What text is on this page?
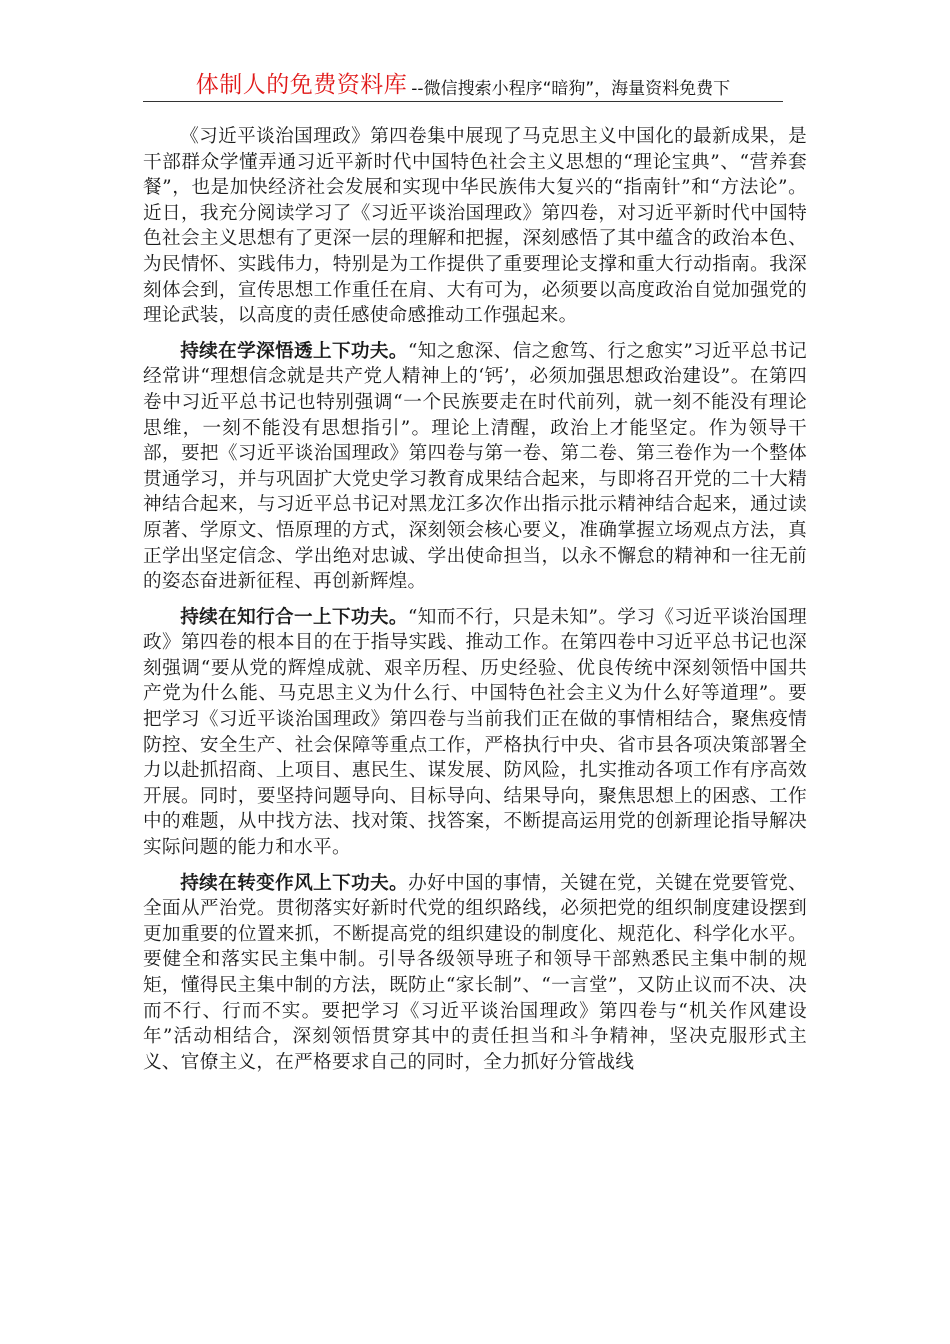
体制人的免费资料库 --微信搜索小程序“暗狗”，海量资料免费下

《习近平谈治国理政》第四卷集中展现了马克思主义中国化的最新成果，是干部群众学懂弄通习近平新时代中国特色社会主义思想的“理论宝典”、“营养套餐”，也是加快经济社会发展和实现中华民族伟大复兴的“指南针”和“方法论”。近日，我充分阅读学习了《习近平谈治国理政》第四卷，对习近平新时代中国特色社会主义思想有了更深一层的理解和把握，深刻感悟了其中蕴含的政治本色、为民情怀、实践伟力，特别是为工作提供了重要理论支撑和重大行动指南。我深刻体会到，宣传思想工作重任在肩、大有可为，必须要以高度政治自觉加强党的理论武装，以高度的责任感使命感推动工作强起来。

持续在学深悟透上下功夫。“知之愈深、信之愈笃、行之愈实”习近平总书记经常讲“理想信念就是共产党人精神上的‘钙’，必须加强思想政治建设”。在第四卷中习近平总书记也特别强调“一个民族要走在时代前列，就一刻不能没有理论思维，一刻不能没有思想指引”。理论上清醒，政治上才能坚定。作为领导干部，要把《习近平谈治国理政》第四卷与第一卷、第二卷、第三卷作为一个整体贯通学习，并与巩固扩大党史学习教育成果结合起来，与即将召开党的二十大精神结合起来，与习近平总书记对黑龙江多次作出指示批示精神结合起来，通过读原著、学原文、悟原理的方式，深刻领会核心要义，准确掌握立场观点方法，真正学出坚定信念、学出绝对忠诚、学出使命担当，以永不懈怠的精神和一往无前的姿态奋进新征程、再创新辉煌。

持续在知行合一上下功夫。“知而不行，只是未知”。学习《习近平谈治国理政》第四卷的根本目的在于指导实践、推动工作。在第四卷中习近平总书记也深刻强调“要从党的辉煌成就、艰辛历程、历史经验、优良传统中深刻领悟中国共产党为什么能、马克思主义为什么行、中国特色社会主义为什么好等道理”。要把学习《习近平谈治国理政》第四卷与当前我们正在做的事情相结合，聚焦疫情防控、安全生产、社会保障等重点工作，严格执行中央、省市县各项决策部署全力以赴抓招商、上项目、惠民生、谋发展、防风险，扎实推动各项工作有序高效开展。同时，要坚持问题导向、目标导向、结果导向，聚焦思想上的困惑、工作中的难题，从中找方法、找对策、找答案，不断提高运用党的创新理论指导解决实际问题的能力和水平。

持续在转变作风上下功夫。办好中国的事情，关键在党，关键在党要管党、全面从严治党。贯彻落实好新时代党的组织路线，必须把党的组织制度建设摆到更加重要的位置来抓，不断提高党的组织建设的制度化、规范化、科学化水平。要健全和落实民主集中制。引导各级领导班子和领导干部熟悉民主集中制的规矩，懂得民主集中制的方法，既防止“家长制”、“一言堂”，又防止议而不决、决而不行、行而不实。要把学习《习近平谈治国理政》第四卷与“机关作风建设年”活动相结合，深刻领悟贯穿其中的责任担当和斗争精神，坚决克服形式主义、官僚主义，在严格要求自己的同时，全力抓好分管战线
